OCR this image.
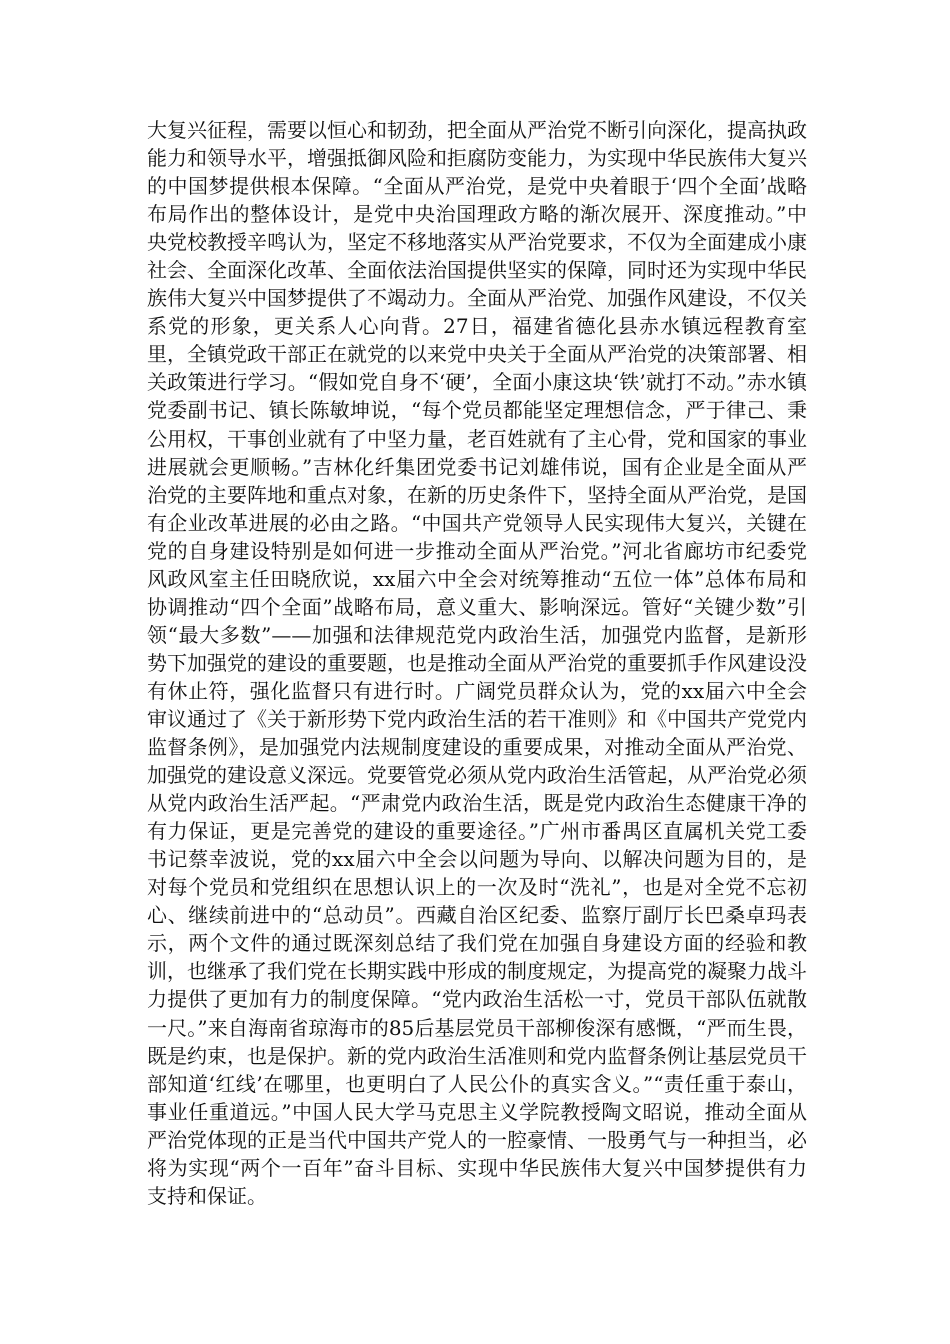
大复兴征程，需要以恒心和韧劲，把全面从严治党不断引向深化，提高执政能力和领导水平，增强抵御风险和拒腐防变能力，为实现中华民族伟大复兴的中国梦提供根本保障。“全面从严治党，是党中央着眼于‘四个全面’战略布局作出的整体设计，是党中央治国理政方略的渐次展开、深度推动。”中央党校教授辛鸣认为，坚定不移地落实从严治党要求，不仅为全面建成小康社会、全面深化改革、全面依法治国提供坚实的保障，同时还为实现中华民族伟大复兴中国梦提供了不竭动力。全面从严治党、加强作风建设，不仅关系党的形象，更关系人心向背。27日，福建省德化县赤水镇远程教育室里，全镇党政干部正在就党的以来党中央关于全面从严治党的决策部署、相关政策进行学习。“假如党自身不‘硬’，全面小康这块‘铁’就打不动。”赤水镇党委副书记、镇长陈敏坤说，“每个党员都能坚定理想信念，严于律己、秉公用权，干事创业就有了中坚力量，老百姓就有了主心骨，党和国家的事业进展就会更顺畅。”吉林化纤集团党委书记刘雄伟说，国有企业是全面从严治党的主要阵地和重点对象，在新的历史条件下，坚持全面从严治党，是国有企业改革进展的必由之路。“中国共产党领导人民实现伟大复兴，关键在党的自身建设特别是如何进一步推动全面从严治党。”河北省廊坊市纪委党风政风室主任田晓欣说，xx届六中全会对统筹推动“五位一体”总体布局和协调推动“四个全面”战略布局，意义重大、影响深远。管好“关键少数”引领“最大多数”——加强和法律规范党内政治生活，加强党内监督，是新形势下加强党的建设的重要题，也是推动全面从严治党的重要抓手作风建设没有休止符，强化监督只有进行时。广阔党员群众认为，党的xx届六中全会审议通过了《关于新形势下党内政治生活的若干准则》和《中国共产党党内监督条例》，是加强党内法规制度建设的重要成果，对推动全面从严治党、加强党的建设意义深远。党要管党必须从党内政治生活管起，从严治党必须从党内政治生活严起。“严肃党内政治生活，既是党内政治生态健康干净的有力保证，更是完善党的建设的重要途径。”广州市番禺区直属机关党工委书记蔡幸波说，党的xx届六中全会以问题为导向、以解决问题为目的，是对每个党员和党组织在思想认识上的一次及时“洗礼”，也是对全党不忘初心、继续前进中的“总动员”。西藏自治区纪委、监察厅副厅长巴桑卓玛表示，两个文件的通过既深刻总结了我们党在加强自身建设方面的经验和教训，也继承了我们党在长期实践中形成的制度规定，为提高党的凝聚力战斗力提供了更加有力的制度保障。“党内政治生活松一寸，党员干部队伍就散一尺。”来自海南省琼海市的85后基层党员干部柳俊深有感慨，“严而生畏，既是约束，也是保护。新的党内政治生活准则和党内监督条例让基层党员干部知道‘红线’在哪里，也更明白了人民公仆的真实含义。”“责任重于泰山，事业任重道远。”中国人民大学马克思主义学院教授陶文昭说，推动全面从严治党体现的正是当代中国共产党人的一腔豪情、一股勇气与一种担当，必将为实现“两个一百年”奋斗目标、实现中华民族伟大复兴中国梦提供有力支持和保证。
